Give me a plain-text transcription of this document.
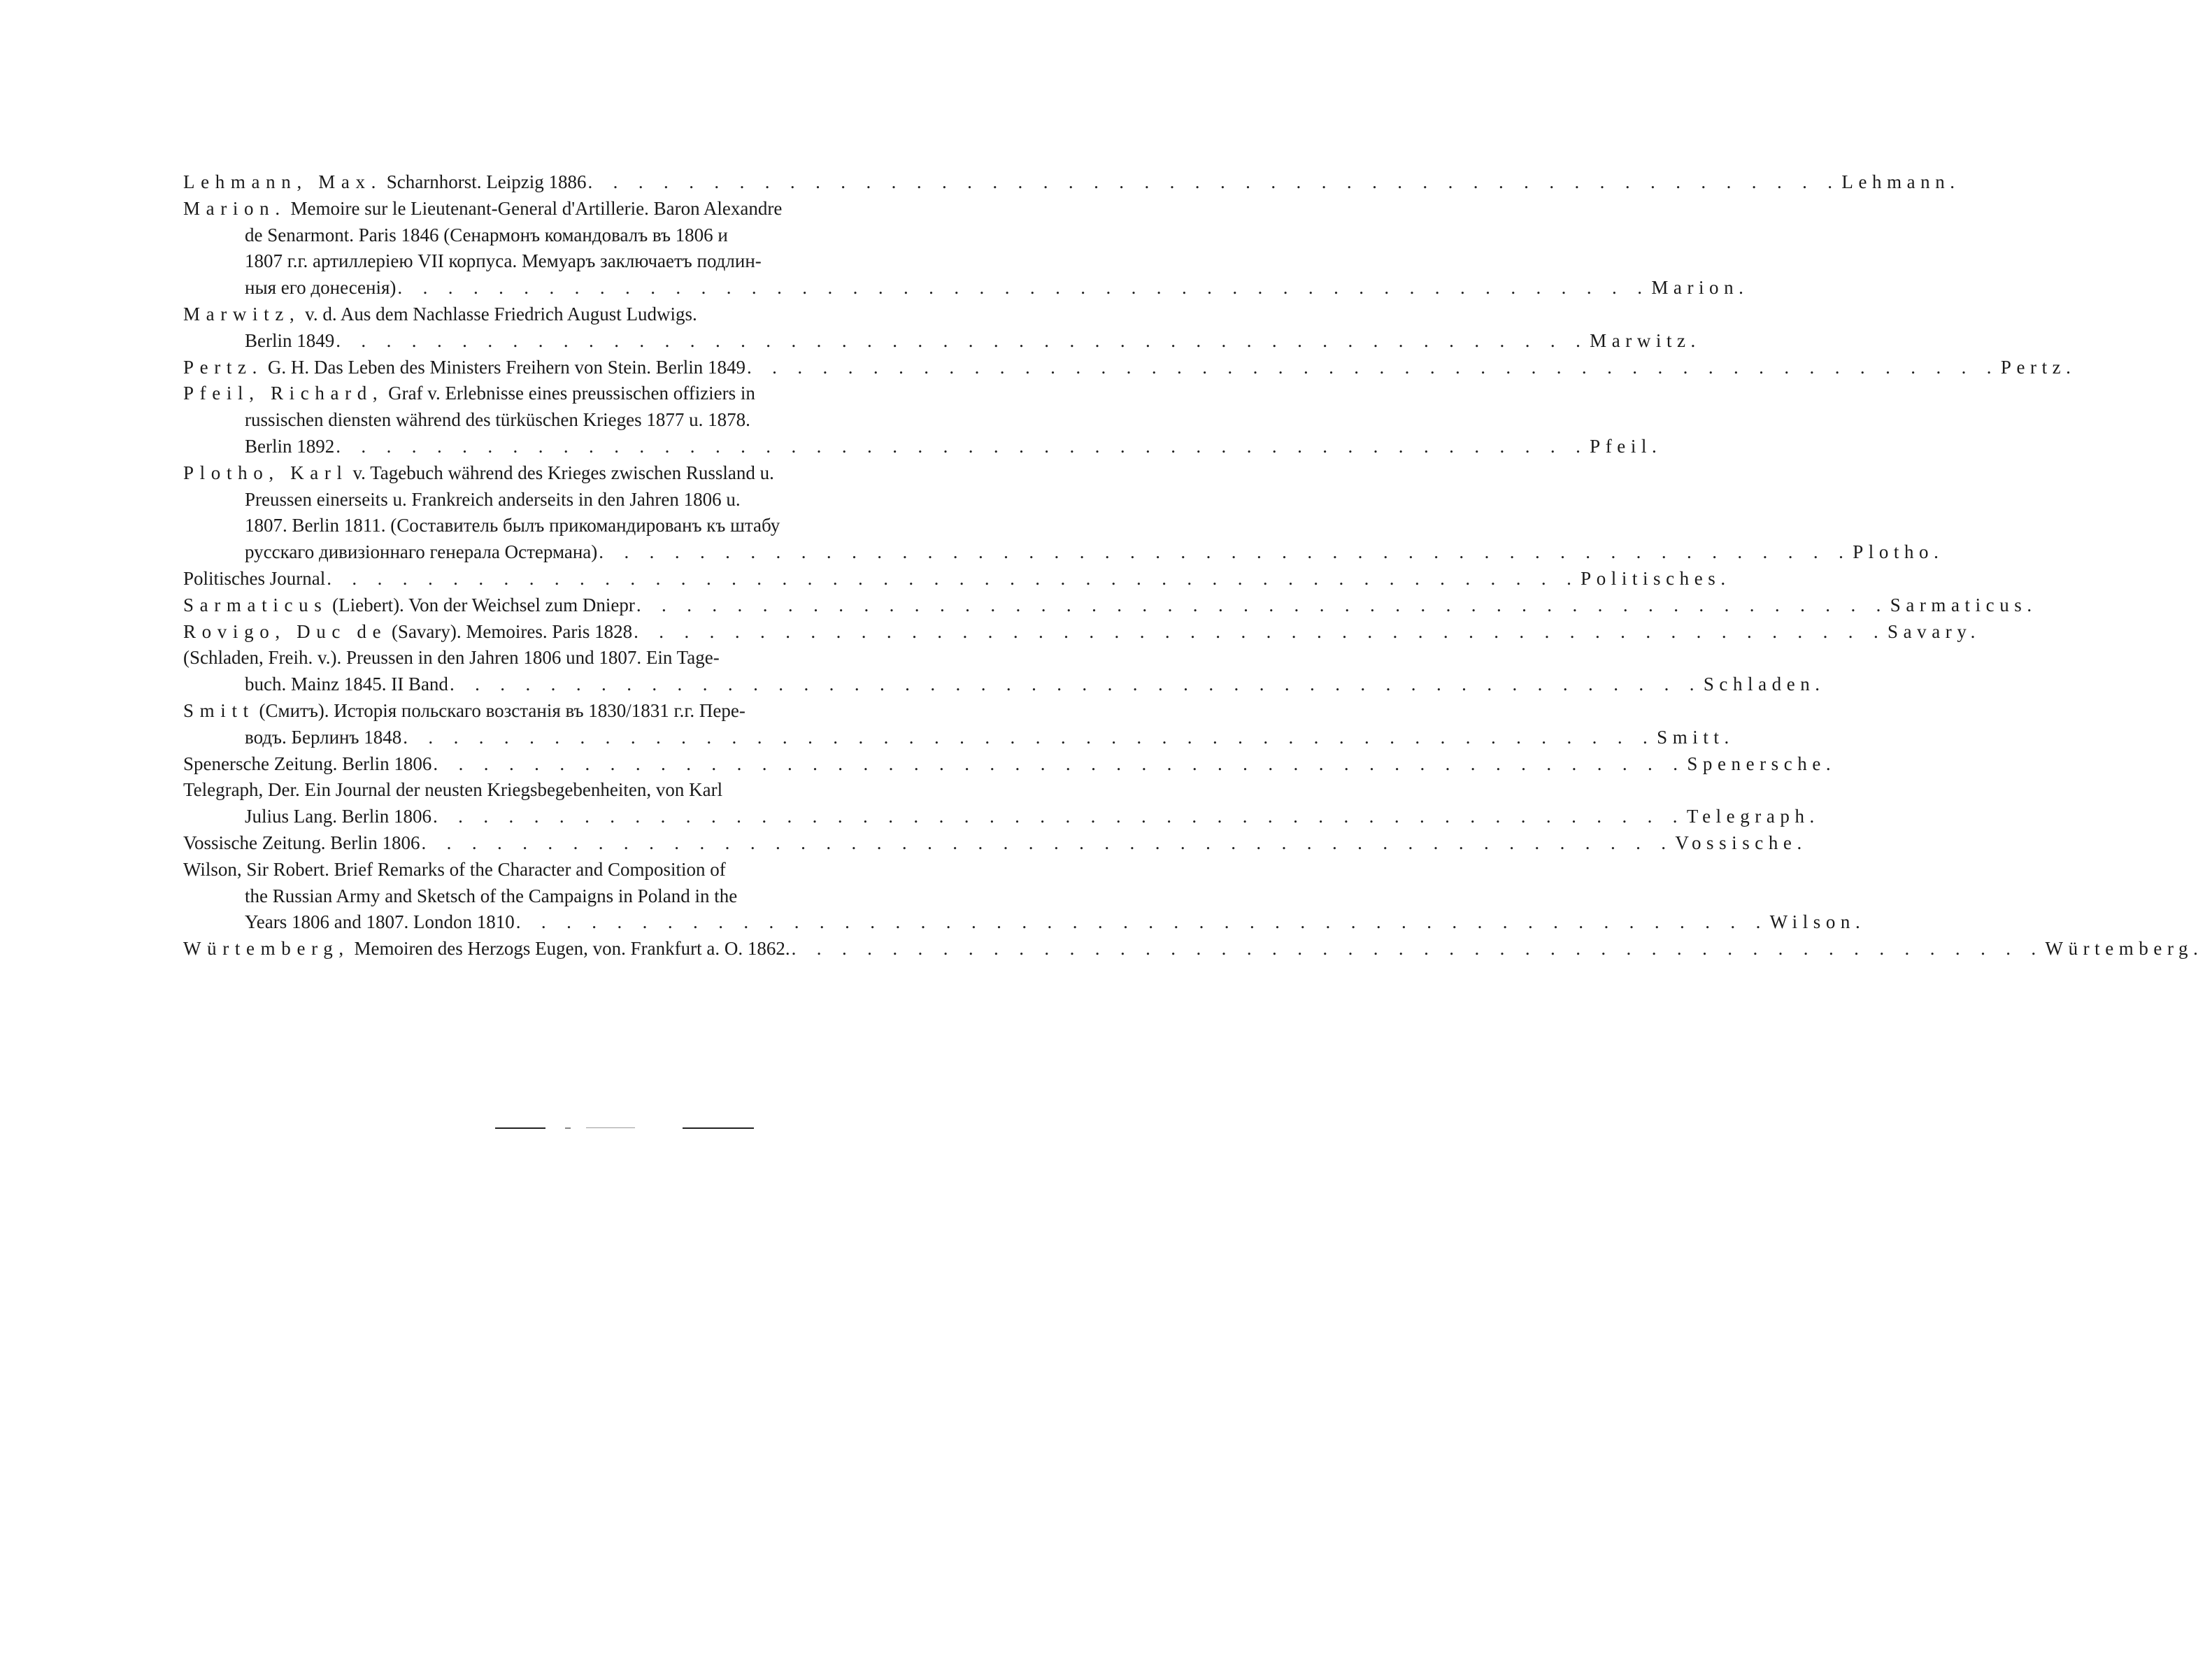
Lehmann, Max. Scharnhorst. Leipzig 1886 . . . . . . . . . . . . . . . . . . . . . . . . . . . . . . . . . . . . . . . . . . . . . . . . . . Lehmann.
Marion. Memoire sur le Lieutenant-General d'Artillerie. Baron Alexandre
de Senarmont. Paris 1846 (Сенармонъ командовалъ въ 1806 и
1807 г.г. артиллеріею VII корпуса. Мемуаръ заключаетъ подлин-
ныя его донесенія) . . . . . . . . . . . . . . . . . . . . . . . . . . . . . . . . . . . . . . . . . . . . . . . . . . Marion.
Marwitz, v. d. Aus dem Nachlasse Friedrich August Ludwigs.
Berlin 1849 . . . . . . . . . . . . . . . . . . . . . . . . . . . . . . . . . . . . . . . . . . . . . . . . . . Marwitz.
Pertz. G. H. Das Leben des Ministers Freihern von Stein. Berlin 1849 . . . . . . . . . . . . . . . . . . . . . . . . . . . . . . . . . . . . . . . . . . . . . . . . . . Pertz.
Pfeil, Richard, Graf v. Erlebnisse eines preussischen offiziers in
russischen diensten während des türküschen Krieges 1877 u. 1878.
Berlin 1892 . . . . . . . . . . . . . . . . . . . . . . . . . . . . . . . . . . . . . . . . . . . . . . . . . . Pfeil.
Plotho, Karl v. Tagebuch während des Krieges zwischen Russland u.
Preussen einerseits u. Frankreich anderseits in den Jahren 1806 u.
1807. Berlin 1811. (Составитель былъ прикомандированъ къ штабу
русскаго дивизіоннаго генерала Остермана) . . . . . . . . . . . . . . . . . . . . . . . . . . . . . . . . . . . . . . . . . . . . . . . . . . Plotho.
Politisches Journal . . . . . . . . . . . . . . . . . . . . . . . . . . . . . . . . . . . . . . . . . . . . . . . . . . Politisches.
Sarmaticus (Liebert). Von der Weichsel zum Dniepr . . . . . . . . . . . . . . . . . . . . . . . . . . . . . . . . . . . . . . . . . . . . . . . . . . Sarmaticus.
Rovigo, Duc de (Savary). Memoires. Paris 1828 . . . . . . . . . . . . . . . . . . . . . . . . . . . . . . . . . . . . . . . . . . . . . . . . . . Savary.
(Schladen, Freih. v.). Preussen in den Jahren 1806 und 1807. Ein Tage-
buch. Mainz 1845. II Band . . . . . . . . . . . . . . . . . . . . . . . . . . . . . . . . . . . . . . . . . . . . . . . . . . Schladen.
Smitt (Смитъ). Исторія польскаго возстанія въ 1830/1831 г.г. Пере-
водъ. Берлинъ 1848 . . . . . . . . . . . . . . . . . . . . . . . . . . . . . . . . . . . . . . . . . . . . . . . . . . Smitt.
Spenersche Zeitung. Berlin 1806 . . . . . . . . . . . . . . . . . . . . . . . . . . . . . . . . . . . . . . . . . . . . . . . . . . Spenersche.
Telegraph, Der. Ein Journal der neusten Kriegsbegebenheiten, von Karl
Julius Lang. Berlin 1806 . . . . . . . . . . . . . . . . . . . . . . . . . . . . . . . . . . . . . . . . . . . . . . . . . . Telegraph.
Vossische Zeitung. Berlin 1806 . . . . . . . . . . . . . . . . . . . . . . . . . . . . . . . . . . . . . . . . . . . . . . . . . . Vossische.
Wilson, Sir Robert. Brief Remarks of the Character and Composition of
the Russian Army and Sketsch of the Campaigns in Poland in the
Years 1806 and 1807. London 1810 . . . . . . . . . . . . . . . . . . . . . . . . . . . . . . . . . . . . . . . . . . . . . . . . . . Wilson.
Würtemberg, Memoiren des Herzogs Eugen, von. Frankfurt a. O. 1862. . . . . . . . . . . . . . . . . . . . . . . . . . . . . . . . . . . . . . . . . . . . . . . . . . . Würtemberg.
